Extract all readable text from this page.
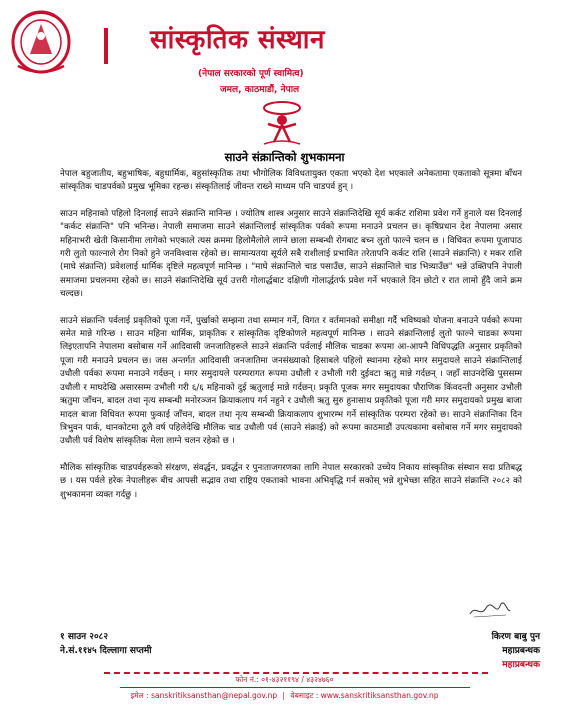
सांस्कृतिक संस्थान
(नेपाल सरकारको पूर्ण स्वामित्व)
जमल, काठमाडौं, नेपाल
साउने संक्रान्तिको शुभकामना

नेपाल बहुजातीय, बहुभाषिक, बहुधार्मिक, बहुसांस्कृतिक तथा भौगोलिक विविधतायुक्त एकता भएको देश भएकाले अनेकतामा एकताको सूत्रमा बाँधन सांस्कृतिक चाडपर्वको प्रमुख भूमिका रहन्छ। संस्कृतिलाई जीवन्त राख्ने माध्यम पनि चाडपर्व हुन् ।

साउन महिनाको पहिलो दिनलाई साउने संक्रान्ति मानिन्छ । ज्योतिष शास्त्र अनुसार साउने संक्रान्तिदेखि सूर्य कर्कट राशिमा प्रवेश गर्ने हुनाले यस दिनलाई "कर्कट संक्रान्ति" पनि भनिन्छ। नेपाली समाजमा साउने संक्रान्तिलाई सांस्कृतिक पर्वको रूपमा मनाउने प्रचलन छ। कृषिप्रधान देश नेपालमा असार महिनाभरी खेती किसानीमा लागेको भएकाले त्यस क्रममा हिलोमैलोले लाग्ने छाला सम्बन्धी रोगबाट बच्न लुतो फाल्ने चलन छ । विधिवत रूपमा पूजापाठ गरी लुतो फाल्नाले रोग निको हुने जनविश्वास रहेको छ। सामान्यतया सूर्यले सबै राशीलाई प्रभावित तरेतापनि कर्कट राशि (साउने संक्रान्ति) र मकर राशि (माघे संक्रान्ति) प्रवेशलाई धार्मिक दृष्टिले महत्वपूर्ण मानिन्छ । "माघे संक्रान्तिले चाड पसाउँछ, साउने संक्रान्तिले चाड भित्र्याउँछ" भन्ने उक्तिपनि नेपाली समाजमा प्रचलनमा रहेको छ। साउने संक्रान्तिदेखि सूर्य उत्तरी गोलार्द्धबाट दक्षिणी गोलार्द्धतर्फ प्रवेश गर्ने भएकाले दिन छोटो र रात लामो हुँदै जाने क्रम चल्दछ।

साउने संक्रान्ति पर्वलाई प्रकृतिको पूजा गर्ने, पुर्खाको सम्झना तथा सम्मान गर्ने, विगत र वर्तमानको समीक्षा गर्दै भविष्यको योजना बनाउने पर्वको रूपमा समेत मान्ने गरिन्छ । साउन महिना धार्मिक, प्राकृतिक र सांस्कृतिक दृष्टिकोणले महत्वपूर्ण मानिन्छ । साउने संक्रान्तिलाई लुतो फाल्ने चाडका रूपमा लिइएतापनि नेपालमा बसोबास गर्ने आदिवासी जनजातिहरूले साउने संक्रान्ति पर्वलाई मौलिक चाडका रूपमा आ-आफ्नै विधिपद्धति अनुसार प्रकृतिको पूजा गरी मनाउने प्रचलन छ। जस अन्तर्गत आदिवासी जनजातिमा जनसंख्याको हिसाबले पहिलो स्थानमा रहेको मगर समुदायले साउने संक्रान्तिलाई उधौली पर्वका रूपमा मनाउने गर्दछन् । मगर समुदायले परम्परागत रूपमा उधौली र उभौली गरी दुईवटा ऋतु मान्ने गर्दछन् । जहाँ साउनदेखि पुससम्म उधौली र माघदेखि असारसम्म उभौली गरी ६/६ महिनाको दुई ऋतुलाई मान्ने गर्दछन्। प्रकृति पूजक मगर समुदायका पौराणिक किंवदन्ती अनुसार उभौली ऋतुमा जाँचन, बादल तथा नृत्य सम्बन्धी मनोरञ्जन क्रियाकलाप गर्न नहुने र उधौली ऋतु सुरु हुनासाथ प्रकृतिको पूजा गरी मगर समुदायको प्रमुख बाजा मादल बाजा विधिवत रूपमा फुकाई जाँचन, बादल तथा नृत्य सम्बन्धी क्रियाकलाप शुभारम्भ गर्ने सांस्कृतिक परम्परा रहेको छ। साउने संक्रान्तिका दिन त्रिभुवन पार्क, थानकोटमा ठूलै वर्ष पहिलेदेखि मौलिक चाड उधौली पर्व (साउने संक्राई) को रूपमा काठमाडौं उपत्यकामा बसोबास गर्ने मगर समुदायको उधौली पर्व विशेष सांस्कृतिक मेला लाग्ने चलन रहेको छ ।

मौलिक सांस्कृतिक चाडपर्वहरूको संरक्षण, संवर्द्धन, प्रवर्द्धन र पुनःताजगरणका लागि नेपाल सरकारको उच्चेय निकाय सांस्कृतिक संस्थान सदा प्रतिबद्ध छ । यस पर्वले हरेक नेपालीहरू बीच आपसी सद्भाव तथा राष्ट्रिय एकताको भावना अभिवृद्धि गर्न सकोस् भन्ने शुभेच्छा सहित साउने संक्रान्ति २०८२ को शुभकामना व्यक्त गर्दछु ।

१ साउन २०८२
ने.सं.११४५ दिल्लागा सप्तमी
किरण बाबु पुन
महाप्रबन्धक
महाप्रबन्धक
फोन नं.: ०१-४३२११९४ / ४३२४७६०
इमेल : sanskritiksansthan@nepal.gov.np | वेबसाइट : www.sanskritiksansthan.gov.np
